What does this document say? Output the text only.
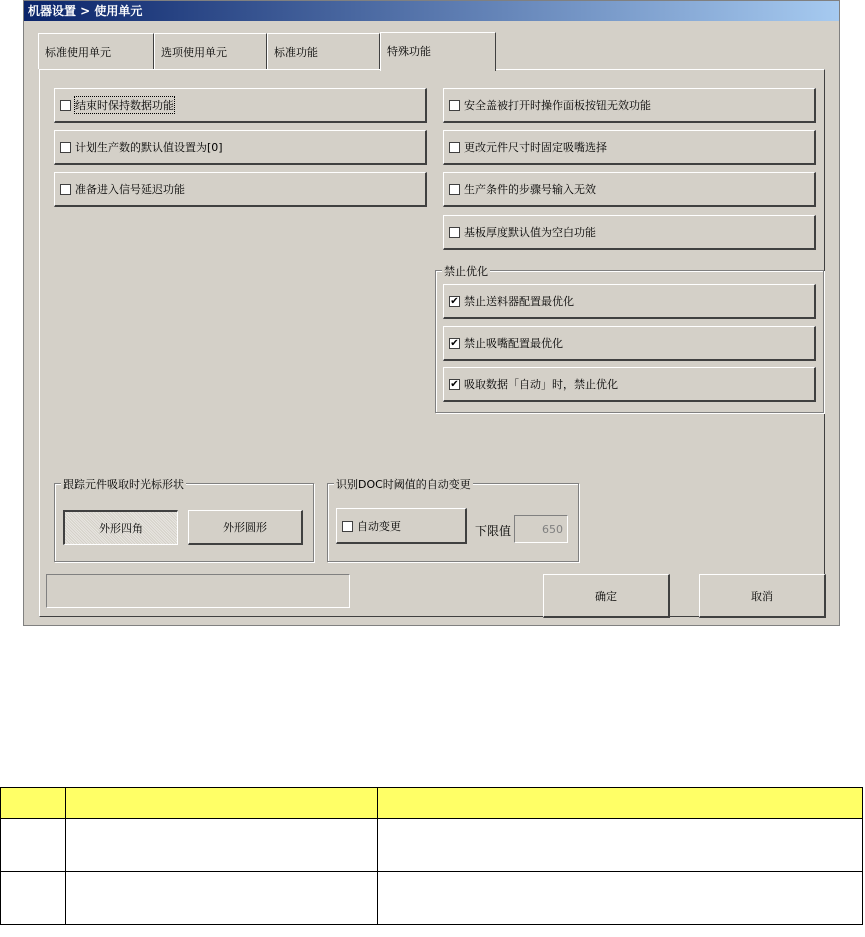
机器设置 > 使用单元
标准使用单元	选项使用单元	标准功能	特殊功能
结束时保持数据功能
计划生产数的默认值设置为[0]
准备进入信号延迟功能
安全盖被打开时操作面板按钮无效功能
更改元件尺寸时固定吸嘴选择
生产条件的步骤号输入无效
基板厚度默认值为空白功能
禁止优化
✔ 禁止送料器配置最优化
✔ 禁止吸嘴配置最优化
✔ 吸取数据「自动」时，禁止优化
跟踪元件吸取时光标形状
外形四角	外形圆形
识别DOC时阈值的自动变更
自动变更	下限值	650
确定	取消
